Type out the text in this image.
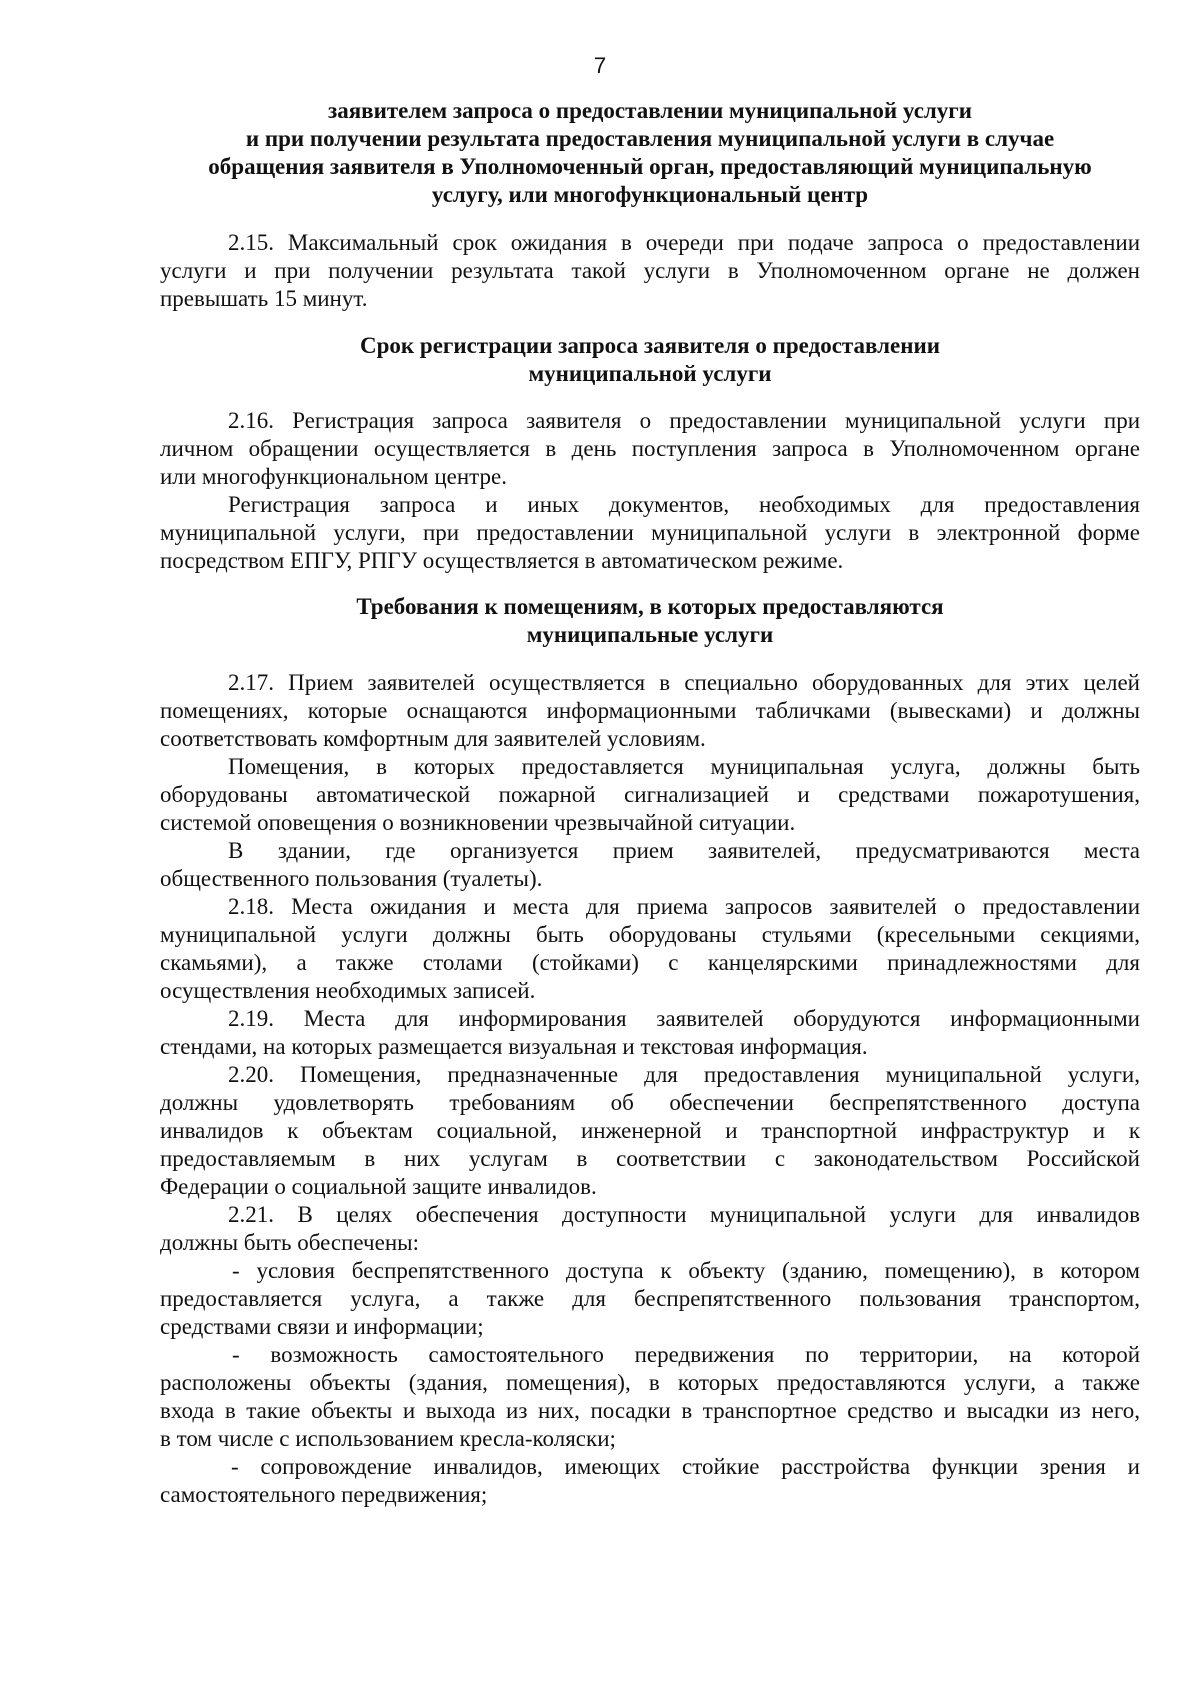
7
заявителем запроса о предоставлении муниципальной услуги
и при получении результата предоставления муниципальной услуги в случае
обращения заявителя в Уполномоченный орган, предоставляющий муниципальную
услугу, или многофункциональный центр
2.15. Максимальный срок ожидания в очереди при подаче запроса о предоставлении
услуги и при получении результата такой услуги в Уполномоченном органе не должен
превышать 15 минут.
Срок регистрации запроса заявителя о предоставлении
муниципальной услуги
2.16. Регистрация запроса заявителя о предоставлении муниципальной услуги при
личном обращении осуществляется в день поступления запроса в Уполномоченном органе
или многофункциональном центре.
Регистрация запроса и иных документов, необходимых для предоставления
муниципальной услуги, при предоставлении муниципальной услуги в электронной форме
посредством ЕПГУ, РПГУ осуществляется в автоматическом режиме.
Требования к помещениям, в которых предоставляются
муниципальные услуги
2.17. Прием заявителей осуществляется в специально оборудованных для этих целей
помещениях, которые оснащаются информационными табличками (вывесками) и должны
соответствовать комфортным для заявителей условиям.
Помещения, в которых предоставляется муниципальная услуга, должны быть
оборудованы автоматической пожарной сигнализацией и средствами пожаротушения,
системой оповещения о возникновении чрезвычайной ситуации.
В здании, где организуется прием заявителей, предусматриваются места
общественного пользования (туалеты).
2.18. Места ожидания и места для приема запросов заявителей о предоставлении
муниципальной услуги должны быть оборудованы стульями (кресельными секциями,
скамьями), а также столами (стойками) с канцелярскими принадлежностями для
осуществления необходимых записей.
2.19. Места для информирования заявителей оборудуются информационными
стендами, на которых размещается визуальная и текстовая информация.
2.20. Помещения, предназначенные для предоставления муниципальной услуги,
должны удовлетворять требованиям об обеспечении беспрепятственного доступа
инвалидов к объектам социальной, инженерной и транспортной инфраструктур и к
предоставляемым в них услугам в соответствии с законодательством Российской
Федерации о социальной защите инвалидов.
2.21. В целях обеспечения доступности муниципальной услуги для инвалидов
должны быть обеспечены:
- условия беспрепятственного доступа к объекту (зданию, помещению), в котором
предоставляется услуга, а также для беспрепятственного пользования транспортом,
средствами связи и информации;
- возможность самостоятельного передвижения по территории, на которой
расположены объекты (здания, помещения), в которых предоставляются услуги, а также
входа в такие объекты и выхода из них, посадки в транспортное средство и высадки из него,
в том числе с использованием кресла-коляски;
- сопровождение инвалидов, имеющих стойкие расстройства функции зрения и
самостоятельного передвижения;
